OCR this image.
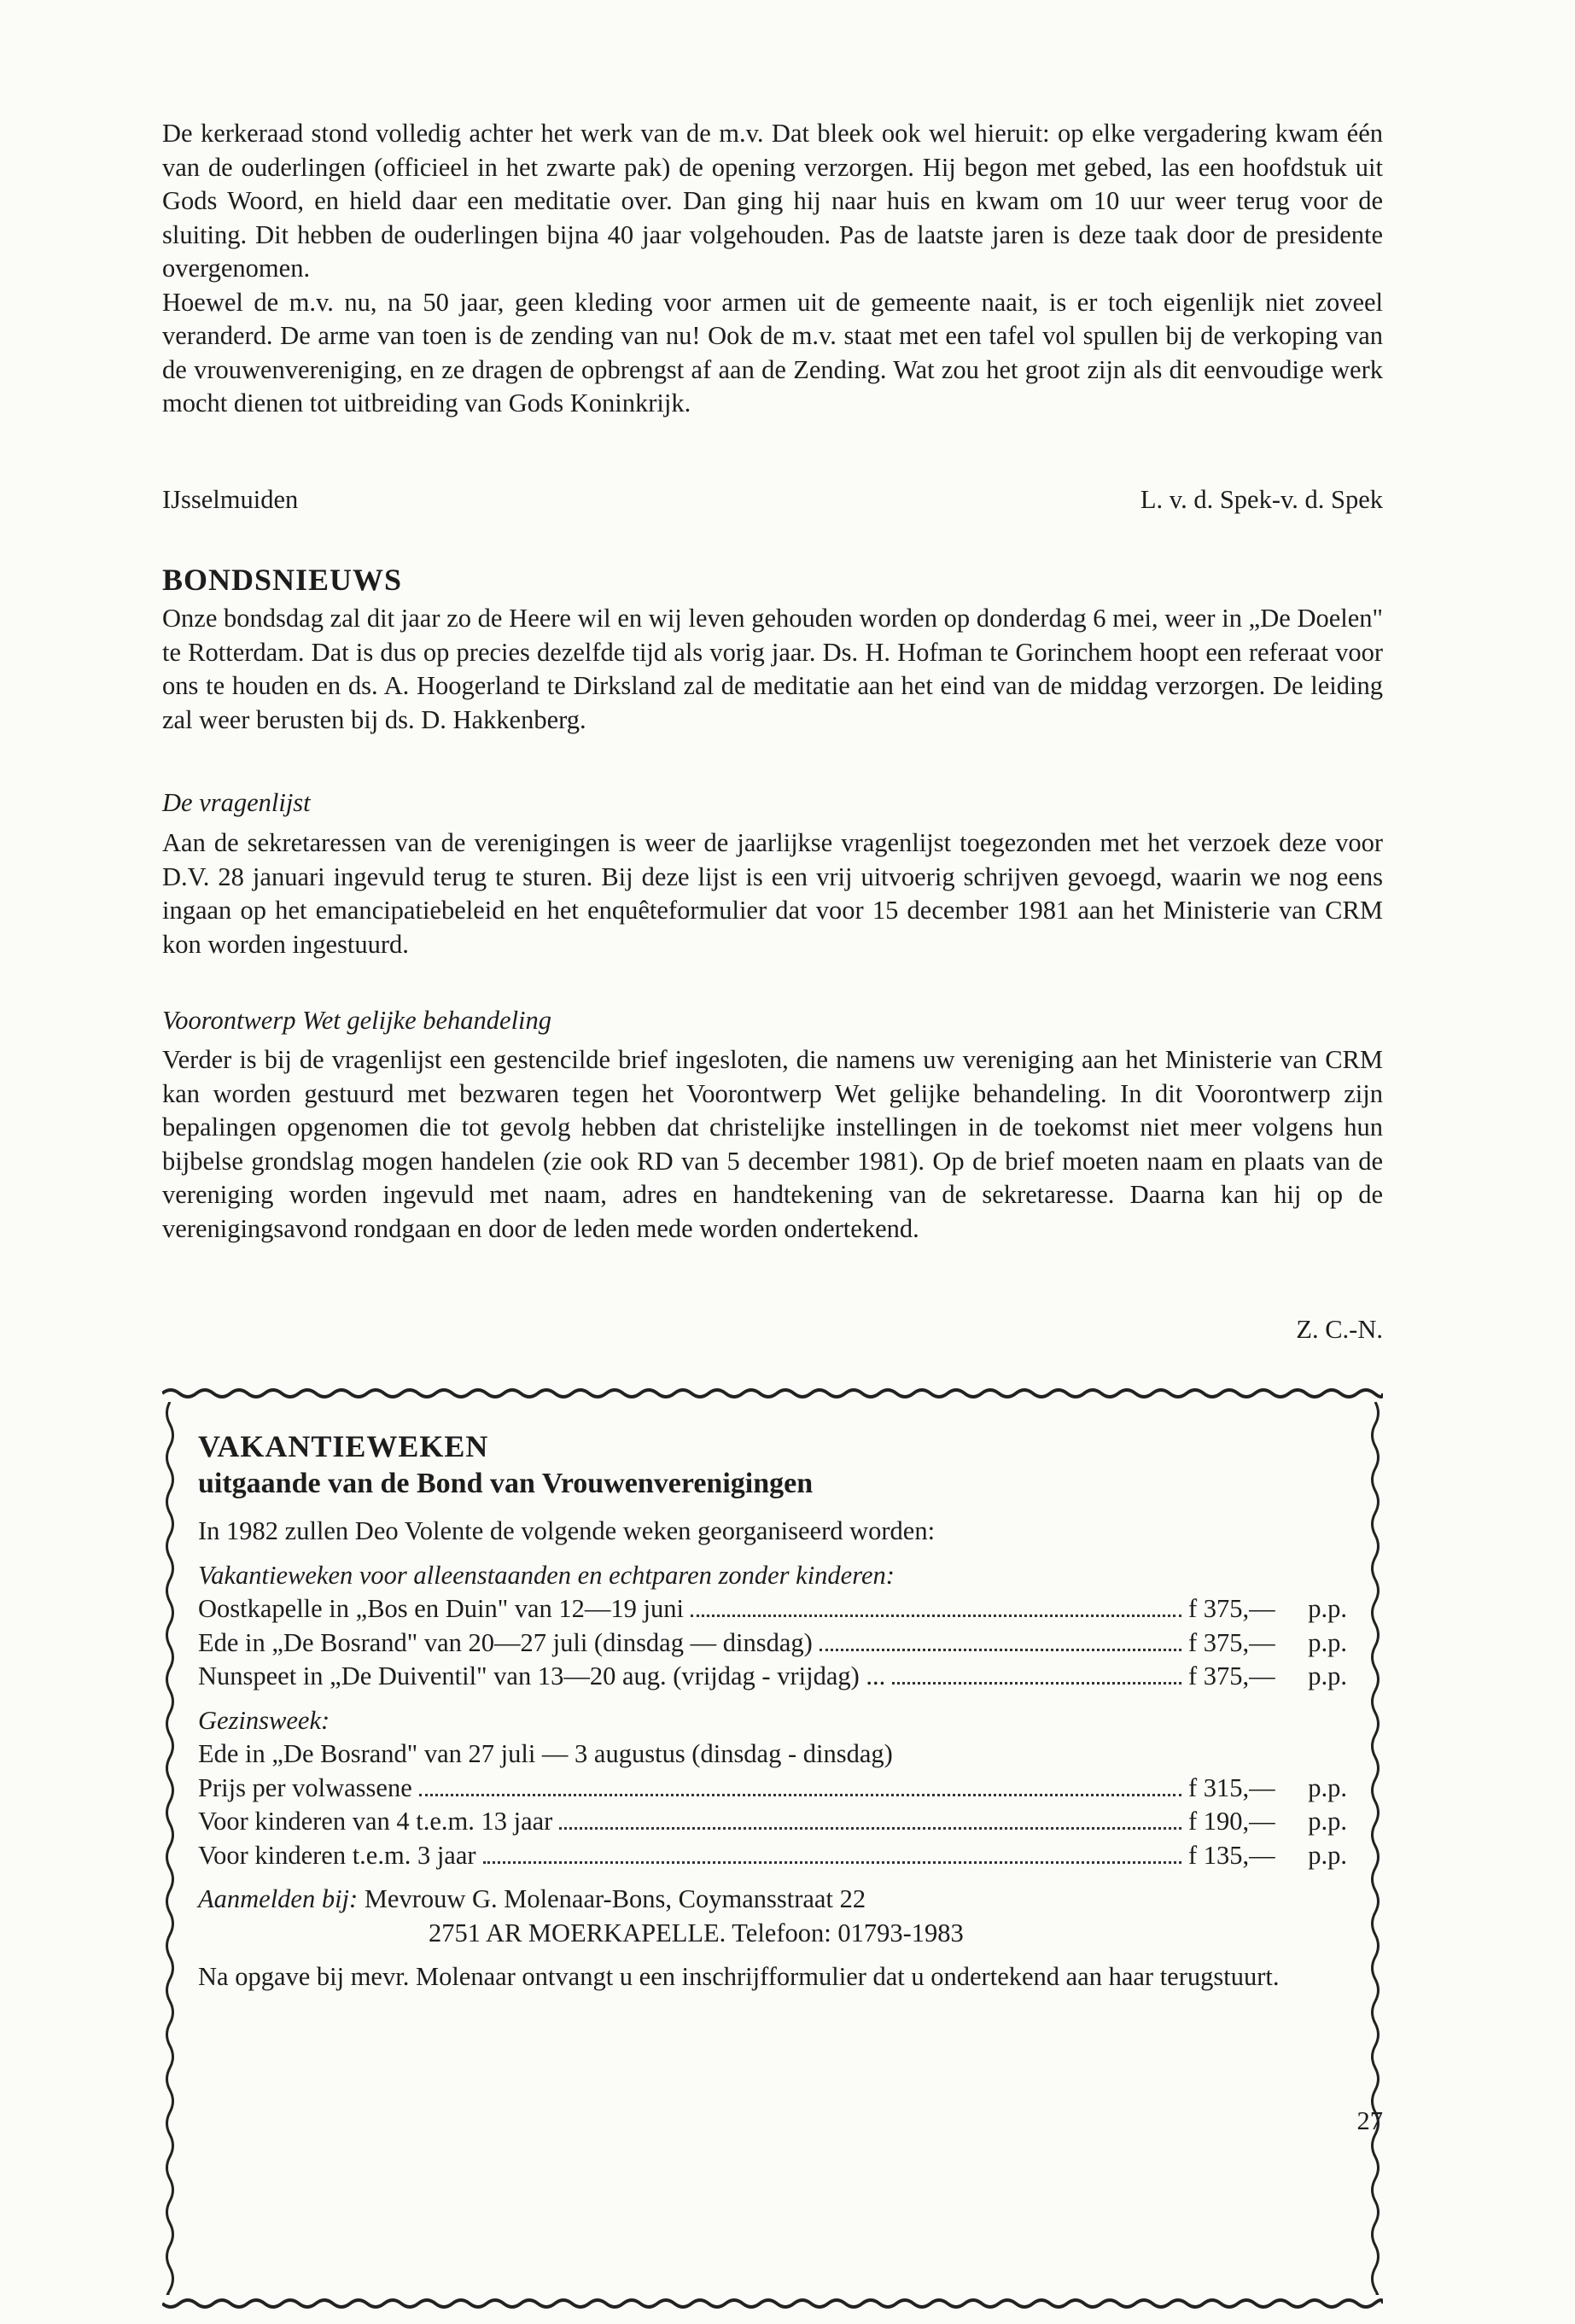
De kerkeraad stond volledig achter het werk van de m.v. Dat bleek ook wel hieruit: op elke vergadering kwam één van de ouderlingen (officieel in het zwarte pak) de opening verzorgen. Hij begon met gebed, las een hoofdstuk uit Gods Woord, en hield daar een meditatie over. Dan ging hij naar huis en kwam om 10 uur weer terug voor de sluiting. Dit hebben de ouderlingen bijna 40 jaar volgehouden. Pas de laatste jaren is deze taak door de presidente overgenomen.

Hoewel de m.v. nu, na 50 jaar, geen kleding voor armen uit de gemeente naait, is er toch eigenlijk niet zoveel veranderd. De arme van toen is de zending van nu! Ook de m.v. staat met een tafel vol spullen bij de verkoping van de vrouwenvereniging, en ze dragen de opbrengst af aan de Zending. Wat zou het groot zijn als dit eenvoudige werk mocht dienen tot uitbreiding van Gods Koninkrijk.

IJsselmuiden	L. v. d. Spek-v. d. Spek
BONDSNIEUWS

Onze bondsdag zal dit jaar zo de Heere wil en wij leven gehouden worden op donderdag 6 mei, weer in „De Doelen" te Rotterdam. Dat is dus op precies dezelfde tijd als vorig jaar. Ds. H. Hofman te Gorinchem hoopt een referaat voor ons te houden en ds. A. Hoogerland te Dirksland zal de meditatie aan het eind van de middag verzorgen. De leiding zal weer berusten bij ds. D. Hakkenberg.

De vragenlijst

Aan de sekretaressen van de verenigingen is weer de jaarlijkse vragenlijst toegezonden met het verzoek deze voor D.V. 28 januari ingevuld terug te sturen. Bij deze lijst is een vrij uitvoerig schrijven gevoegd, waarin we nog eens ingaan op het emancipatiebeleid en het enquêteformulier dat voor 15 december 1981 aan het Ministerie van CRM kon worden ingestuurd.

Voorontwerp Wet gelijke behandeling

Verder is bij de vragenlijst een gestencilde brief ingesloten, die namens uw vereniging aan het Ministerie van CRM kan worden gestuurd met bezwaren tegen het Voorontwerp Wet gelijke behandeling. In dit Voorontwerp zijn bepalingen opgenomen die tot gevolg hebben dat christelijke instellingen in de toekomst niet meer volgens hun bijbelse grondslag mogen handelen (zie ook RD van 5 december 1981). Op de brief moeten naam en plaats van de vereniging worden ingevuld met naam, adres en handtekening van de sekretaresse. Daarna kan hij op de verenigingsavond rondgaan en door de leden mede worden ondertekend.

Z. C.-N.

VAKANTIEWEKEN
uitgaande van de Bond van Vrouwenverenigingen

In 1982 zullen Deo Volente de volgende weken georganiseerd worden:

Vakantieweken voor alleenstaanden en echtparen zonder kinderen:

Oostkapelle in „Bos en Duin" van 12—19 juni	f 375,—	p.p.
Ede in „De Bosrand" van 20—27 juli (dinsdag — dinsdag)	f 375,—	p.p.
Nunspeet in „De Duiventil" van 13—20 aug. (vrijdag - vrijdag) ...	f 375,—	p.p.

Gezinsweek:

Ede in „De Bosrand" van 27 juli — 3 augustus (dinsdag - dinsdag)

Prijs per volwassene	f 315,—	p.p.
Voor kinderen van 4 t.e.m. 13 jaar	f 190,—	p.p.
Voor kinderen t.e.m. 3 jaar	f 135,—	p.p.

Aanmelden bij: Mevrouw G. Molenaar-Bons, Coymansstraat 22

2751 AR MOERKAPELLE. Telefoon: 01793-1983

Na opgave bij mevr. Molenaar ontvangt u een inschrijfformulier dat u ondertekend aan haar terugstuurt.

27
